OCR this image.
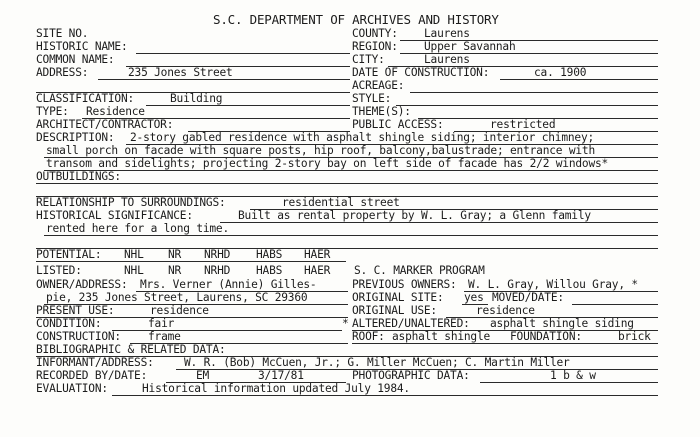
S.C. DEPARTMENT OF ARCHIVES AND HISTORY
SITE NO.	COUNTY: Laurens
HISTORIC NAME:	REGION: Upper Savannah
COMMON NAME:	CITY:	Laurens
ADDRESS:	235 Jones Street	DATE OF CONSTRUCTION:	ca. 1900
ACREAGE:
CLASSIFICATION:	Building	STYLE:
TYPE: Residence	THEME(S):
ARCHITECT/CONTRACTOR:	PUBLIC ACCESS:	restricted
DESCRIPTION: 2-story gabled residence with asphalt shingle siding; interior chimney;
small porch on facade with square posts, hip roof, balcony,balustrade; entrance with
transom and sidelights; projecting 2-story bay on left side of facade has 2/2 windows*
OUTBUILDINGS:
RELATIONSHIP TO SURROUNDINGS:	residential street
HISTORICAL SIGNIFICANCE:	Built as rental property by W. L. Gray; a Glenn family
rented here for a long time.
POTENTIAL: NHL NR NRHD HABS HAER
LISTED:	NHL NR NRHD HABS HAER S. C. MARKER PROGRAM
OWNER/ADDRESS: Mrs. Verner (Annie) Gilles-	PREVIOUS OWNERS: W. L. Gray, Willou Gray, *
pie, 235 Jones Street, Laurens, SC 29360	ORIGINAL SITE: yes MOVED/DATE:
PRESENT USE:	residence	ORIGINAL USE:	residence
CONDITION:	fair	* ALTERED/UNALTERED: asphalt shingle siding
CONSTRUCTION: frame	ROOF: asphalt shingle FOUNDATION:	brick
BIBLIOGRAPHIC & RELATED DATA:
INFORMANT/ADDRESS:	W. R. (Bob) McCuen, Jr.; G. Miller McCuen; C. Martin Miller
RECORDED BY/DATE:	EM	3/17/81	PHOTOGRAPHIC DATA:	1 b & w
EVALUATION:	Historical information updated July 1984.
